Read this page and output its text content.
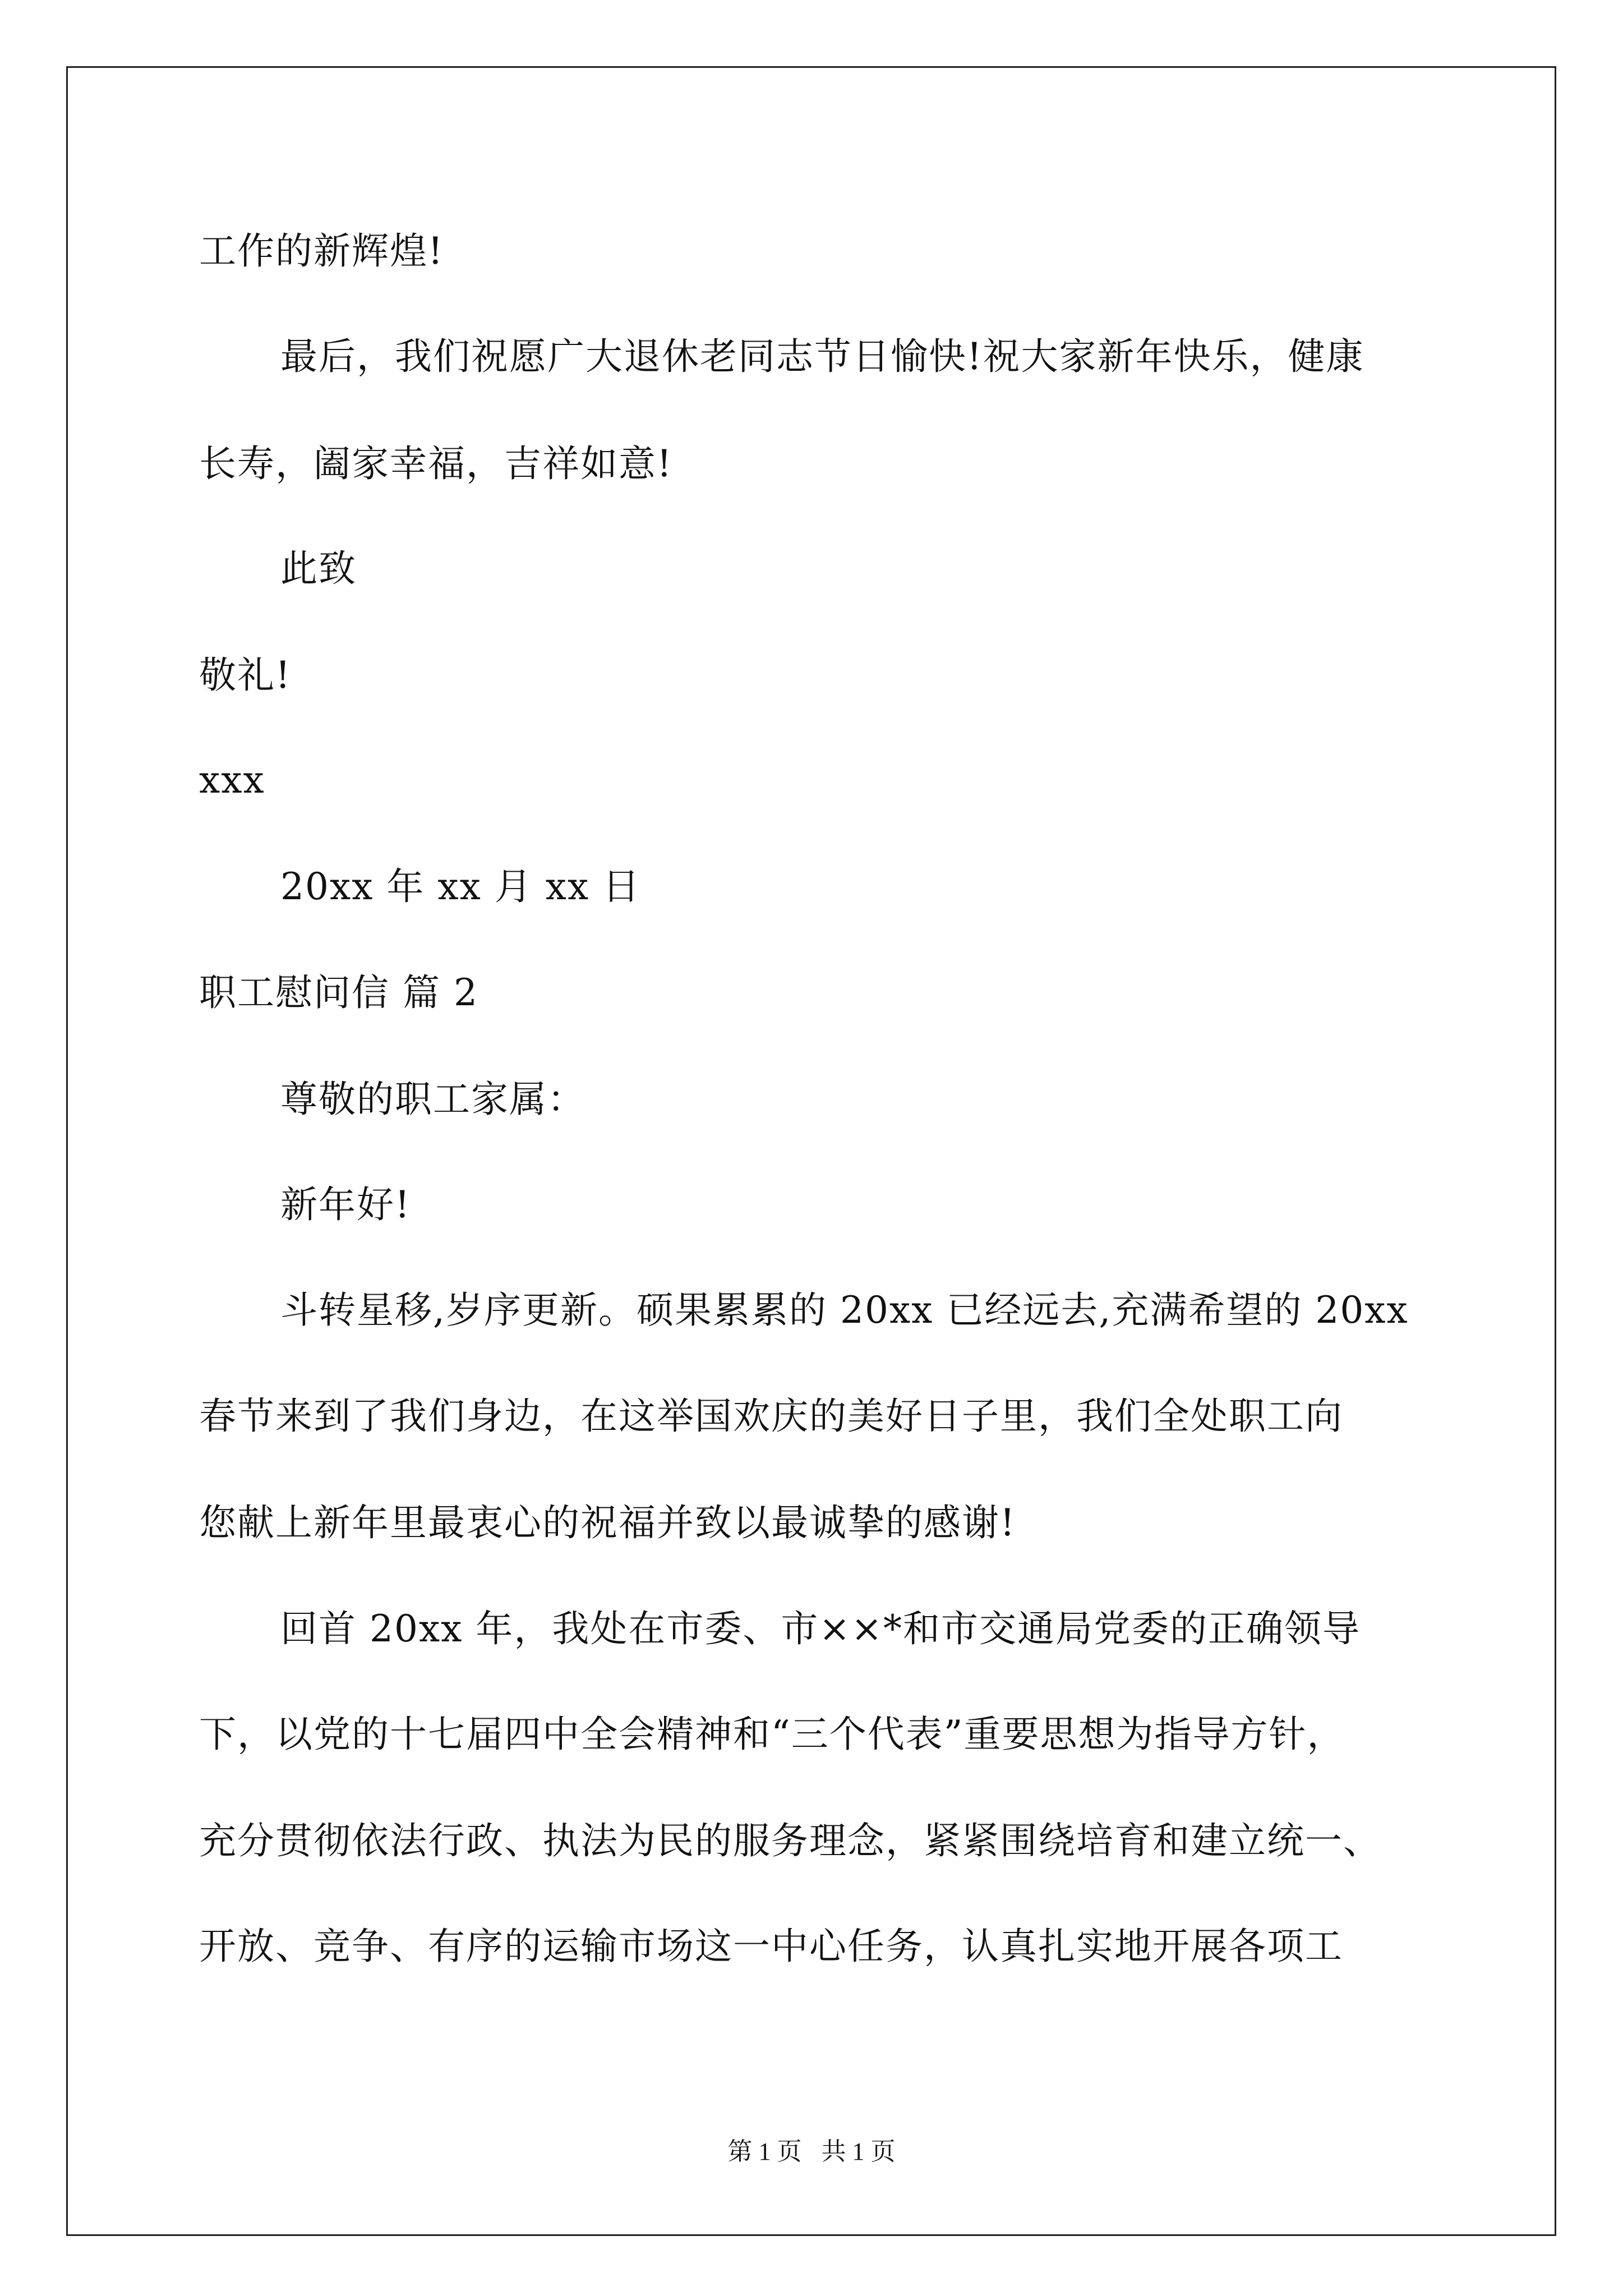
工作的新辉煌!
最后，我们祝愿广大退休老同志节日愉快!祝大家新年快乐，健康
长寿，阖家幸福，吉祥如意!
此致
敬礼!
xxx
20xx 年 xx 月 xx 日
职工慰问信 篇 2
尊敬的职工家属：
新年好!
斗转星移,岁序更新。硕果累累的 20xx 已经远去,充满希望的 20xx
春节来到了我们身边，在这举国欢庆的美好日子里，我们全处职工向
您献上新年里最衷心的祝福并致以最诚挚的感谢!
回首 20xx 年，我处在市委、市××*和市交通局党委的正确领导
下，以党的十七届四中全会精神和“三个代表”重要思想为指导方针，
充分贯彻依法行政、执法为民的服务理念，紧紧围绕培育和建立统一、
开放、竞争、有序的运输市场这一中心任务，认真扎实地开展各项工
第 1 页 共 1 页
